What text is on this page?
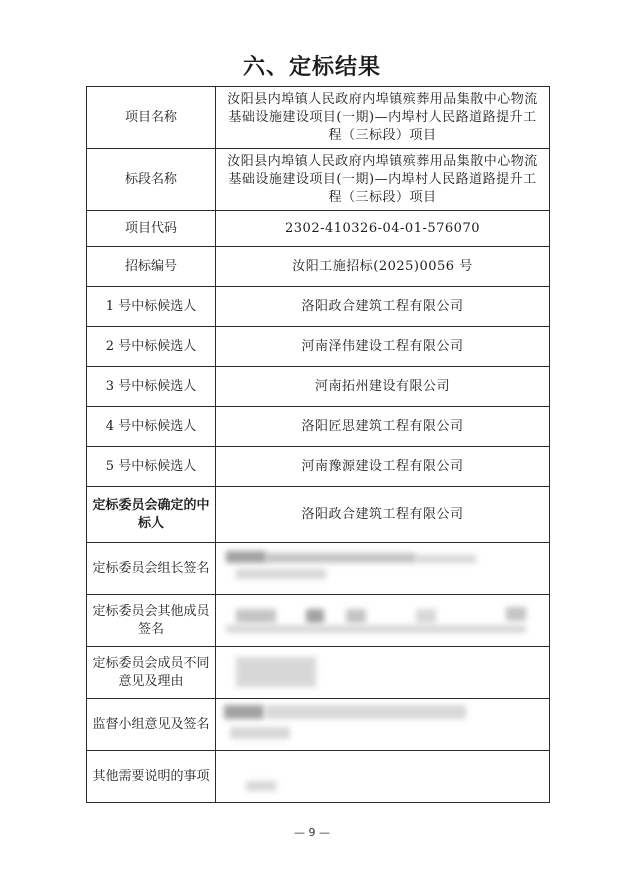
六、定标结果
项目名称	汝阳县内埠镇人民政府内埠镇殡葬用品集散中心物流基础设施建设项目(一期)—内埠村人民路道路提升工程（三标段）项目
标段名称	汝阳县内埠镇人民政府内埠镇殡葬用品集散中心物流基础设施建设项目(一期)—内埠村人民路道路提升工程（三标段）项目
项目代码	2302-410326-04-01-576070
招标编号	汝阳工施招标(2025)0056 号
1 号中标候选人	洛阳政合建筑工程有限公司
2 号中标候选人	河南泽伟建设工程有限公司
3 号中标候选人	河南拓州建设有限公司
4 号中标候选人	洛阳匠思建筑工程有限公司
5 号中标候选人	河南豫源建设工程有限公司
定标委员会确定的中标人	洛阳政合建筑工程有限公司
定标委员会组长签名	

定标委员会其他成员签名	

定标委员会成员不同意见及理由	

监督小组意见及签名	

其他需要说明的事项	
— 9 —
